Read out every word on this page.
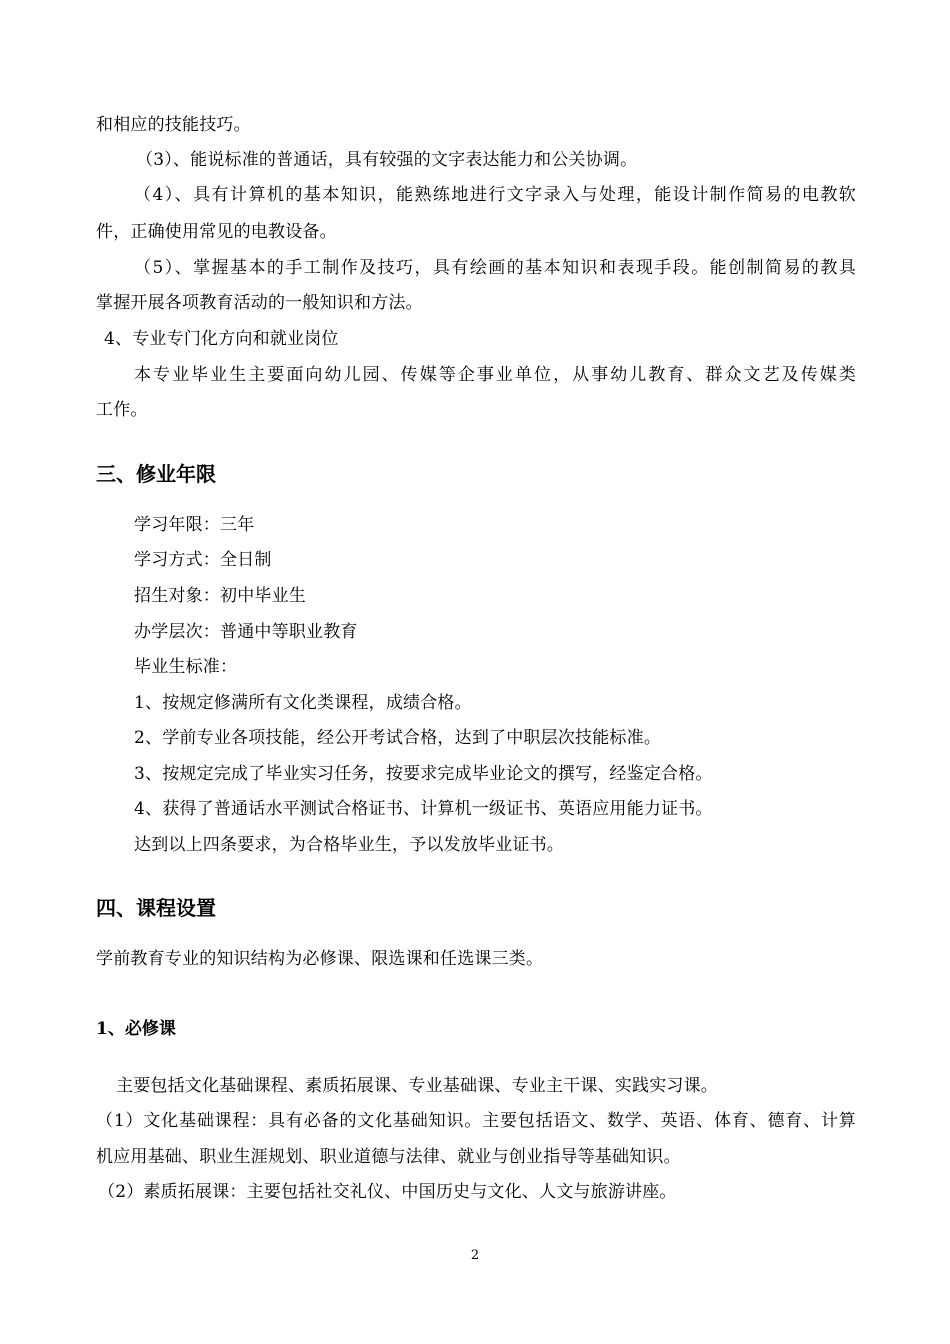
和相应的技能技巧。
（3）、能说标准的普通话，具有较强的文字表达能力和公关协调。
（4）、具有计算机的基本知识，能熟练地进行文字录入与处理，能设计制作简易的电教软
件，正确使用常见的电教设备。
（5）、掌握基本的手工制作及技巧，具有绘画的基本知识和表现手段。能创制简易的教具
掌握开展各项教育活动的一般知识和方法。
4、专业专门化方向和就业岗位
本专业毕业生主要面向幼儿园、传媒等企事业单位，从事幼儿教育、群众文艺及传媒类
工作。
三、修业年限
学习年限：三年
学习方式：全日制
招生对象：初中毕业生
办学层次：普通中等职业教育
毕业生标准：
1、按规定修满所有文化类课程，成绩合格。
2、学前专业各项技能，经公开考试合格，达到了中职层次技能标准。
3、按规定完成了毕业实习任务，按要求完成毕业论文的撰写，经鉴定合格。
4、获得了普通话水平测试合格证书、计算机一级证书、英语应用能力证书。
达到以上四条要求，为合格毕业生，予以发放毕业证书。
四、课程设置
学前教育专业的知识结构为必修课、限选课和任选课三类。
1、必修课
主要包括文化基础课程、素质拓展课、专业基础课、专业主干课、实践实习课。
（1）文化基础课程：具有必备的文化基础知识。主要包括语文、数学、英语、体育、德育、计算
机应用基础、职业生涯规划、职业道德与法律、就业与创业指导等基础知识。
（2）素质拓展课：主要包括社交礼仪、中国历史与文化、人文与旅游讲座。
2
